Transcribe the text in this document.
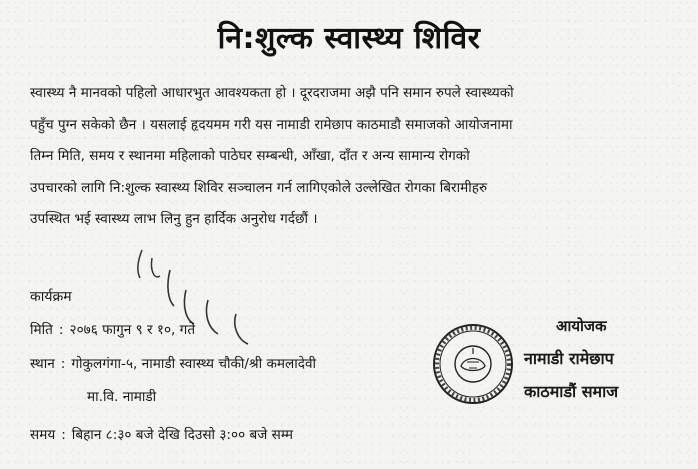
नि:शुल्क स्वास्थ्य शिविर
स्वास्थ्य नै मानवको पहिलो आधारभुत आवश्यकता हो । दूरदराजमा अझै पनि समान रुपले स्वास्थ्यको
पहुँच पुग्न सकेको छैन । यसलाई हृदयमम गरी यस नामाडी रामेछाप काठमाडौ समाजको आयोजनामा
तिम्न मिति, समय र स्थानमा महिलाको पाठेघर सम्बन्धी, आँखा, दाँत र अन्य सामान्य रोगको
उपचारको लागि नि:शुल्क स्वास्थ्य शिविर सञ्चालन गर्न लागिएकोले उल्लेखित रोगका बिरामीहरु
उपस्थित भई स्वास्थ्य लाभ लिनु हुन हार्दिक अनुरोध गर्दछौं ।
कार्यक्रम
मिति : २०७६ फागुन ९ र १०, गते
स्थान : गोकुलगंगा-५, नामाडी स्वास्थ्य चौकी/श्री कमलादेवी
मा.वि. नामाडी
समय : बिहान ८:३० बजे देखि दिउसो ३:०० बजे सम्म
आयोजक
नामाडी रामेछाप
काठमाडौं समाज
